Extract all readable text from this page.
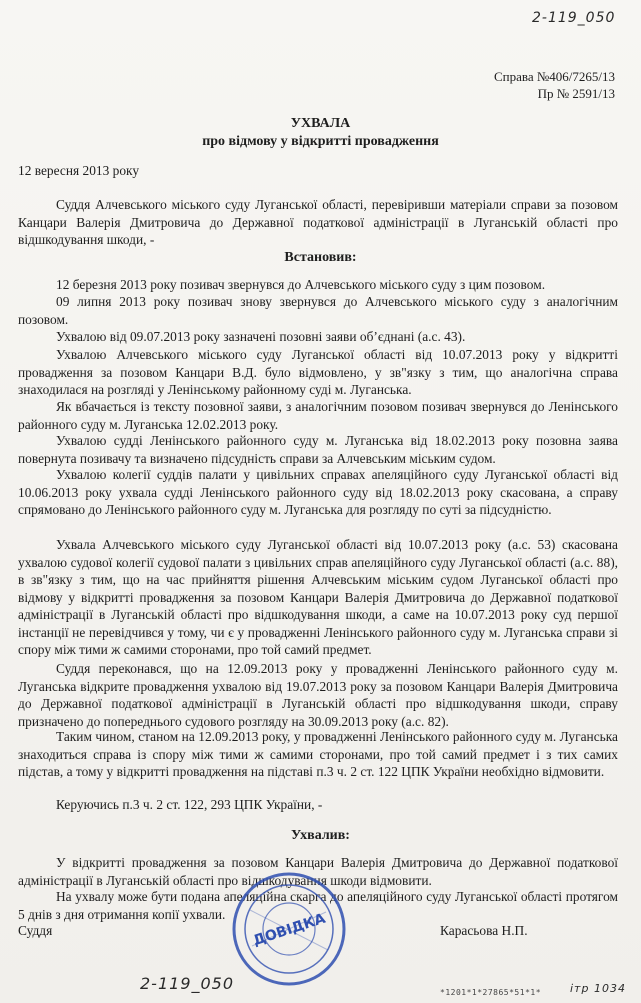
2-119_050
Справа №406/7265/13
Пр № 2591/13
УХВАЛА
про відмову у відкритті провадження
12 вересня 2013 року
Суддя Алчевського міського суду Луганської області, перевіривши матеріали справи за позовом Канцари Валерія Дмитровича до Державної податкової адміністрації в Луганській області про відшкодування шкоди, -
Встановив:
12 березня 2013 року позивач звернувся до Алчевського міського суду з цим позовом.
09 липня 2013 року позивач знову звернувся до Алчевського міського суду з аналогічним позовом.
Ухвалою від 09.07.2013 року зазначені позовні заяви об’єднані (а.с. 43).
Ухвалою Алчевського міського суду Луганської області від 10.07.2013 року у відкритті провадження за позовом Канцари В.Д. було відмовлено, у зв"язку з тим, що аналогічна справа знаходилася на розгляді у Ленінському районному суді м. Луганська.
Як вбачається із тексту позовної заяви, з аналогічним позовом позивач звернувся до Ленінського районного суду м. Луганська 12.02.2013 року.
Ухвалою судді Ленінського районного суду м. Луганська від 18.02.2013 року позовна заява повернута позивачу та визначено підсудність справи за Алчевським міським судом.
Ухвалою колегії суддів палати у цивільних справах апеляційного суду Луганської області від 10.06.2013 року ухвала судді Ленінського районного суду від 18.02.2013 року скасована, а справу спрямовано до Ленінського районного суду м. Луганська для розгляду по суті за підсудністю.
Ухвала Алчевського міського суду Луганської області від 10.07.2013 року (а.с. 53) скасована ухвалою судової колегії судової палати з цивільних справ апеляційного суду Луганської області (а.с. 88), в зв"язку з тим, що на час прийняття рішення Алчевським міським судом Луганської області про відмову у відкритті провадження за позовом Канцари Валерія Дмитровича до Державної податкової адміністрації в Луганській області про відшкодування шкоди, а саме на 10.07.2013 року суд першої інстанції не перевідчився у тому, чи є у провадженні Ленінського районного суду м. Луганська справи зі спору між тими ж самими сторонами, про той самий предмет.
Суддя переконався, що на 12.09.2013 року у провадженні Ленінського районного суду м. Луганська відкрите провадження ухвалою від 19.07.2013 року за позовом Канцари Валерія Дмитровича до Державної податкової адміністрації в Луганській області про відшкодування шкоди, справу призначено до попереднього судового розгляду на 30.09.2013 року (а.с. 82).
Таким чином, станом на 12.09.2013 року, у провадженні Ленінського районного суду м. Луганська знаходиться справа із спору між тими ж самими сторонами, про той самий предмет і з тих самих підстав, а тому у відкритті провадження на підставі п.3 ч. 2 ст. 122 ЦПК України необхідно відмовити.
Керуючись п.3 ч. 2 ст. 122, 293 ЦПК України, -
Ухвалив:
У відкритті провадження за позовом Канцари Валерія Дмитровича до Державної податкової адміністрації в Луганській області про відшкодування шкоди відмовити.
На ухвалу може бути подана апеляційна скарга до апеляційного суду Луганської області протягом 5 днів з дня отримання копії ухвали.
Суддя	Карасьова Н.П.
ДОВІДКА
2-119_050	*1201*1*27865*51*1*	ітр 1034
